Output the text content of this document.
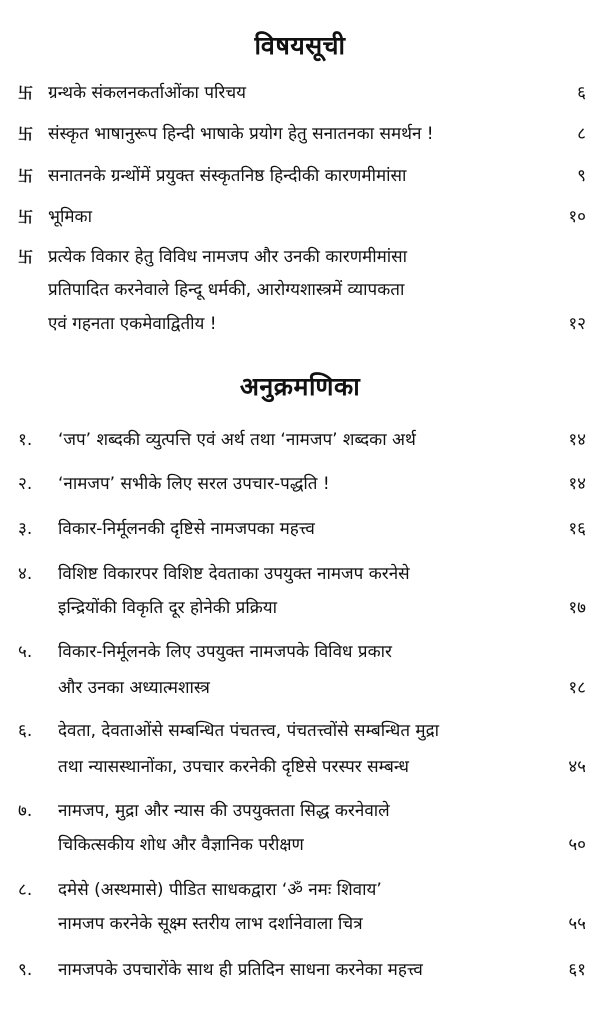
विषयसूची
卐 ग्रन्थके संकलनकर्ताओंका परिचय	६
卐 संस्कृत भाषानुरूप हिन्दी भाषाके प्रयोग हेतु सनातनका समर्थन !	८
卐 सनातनके ग्रन्थोंमें प्रयुक्त संस्कृतनिष्ठ हिन्दीकी कारणमीमांसा	९
卐 भूमिका	१०
卐 प्रत्येक विकार हेतु विविध नामजप और उनकी कारणमीमांसा
प्रतिपादित करनेवाले हिन्दू धर्मकी, आरोग्यशास्त्रमें व्यापकता
एवं गहनता एकमेवाद्वितीय !	१२
अनुक्रमणिका
१.	‘जप’ शब्दकी व्युत्पत्ति एवं अर्थ तथा ‘नामजप’ शब्दका अर्थ	१४
२.	‘नामजप’ सभीके लिए सरल उपचार-पद्धति !	१४
३.	विकार-निर्मूलनकी दृष्टिसे नामजपका महत्त्व	१६
४.	विशिष्ट विकारपर विशिष्ट देवताका उपयुक्त नामजप करनेसे
इन्द्रियोंकी विकृति दूर होनेकी प्रक्रिया	१७
५.	विकार-निर्मूलनके लिए उपयुक्त नामजपके विविध प्रकार
और उनका अध्यात्मशास्त्र	१८
६.	देवता, देवताओंसे सम्बन्धित पंचतत्त्व, पंचतत्त्वोंसे सम्बन्धित मुद्रा
तथा न्यासस्थानोंका, उपचार करनेकी दृष्टिसे परस्पर सम्बन्ध	४५
७.	नामजप, मुद्रा और न्यास की उपयुक्तता सिद्ध करनेवाले
चिकित्सकीय शोध और वैज्ञानिक परीक्षण	५०
८.	दमेसे (अस्थमासे) पीडित साधकद्वारा ‘ॐ नमः शिवाय’
नामजप करनेके सूक्ष्म स्तरीय लाभ दर्शानेवाला चित्र	५५
९.	नामजपके उपचारोंके साथ ही प्रतिदिन साधना करनेका महत्त्व	६१
